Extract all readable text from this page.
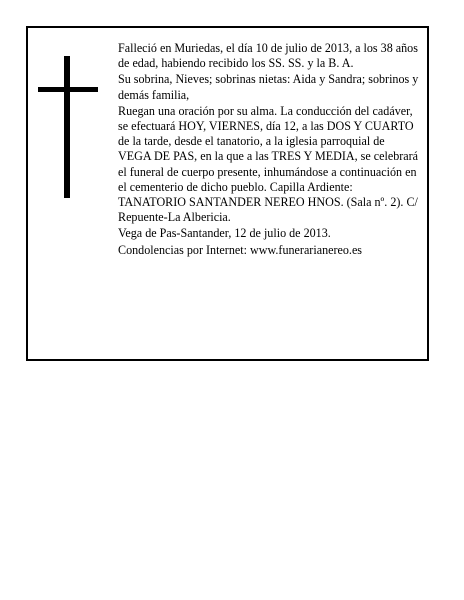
Falleció en Muriedas, el día 10 de julio de 2013, a los 38 años de edad, habiendo recibido los SS. SS. y la B. A.

Su sobrina, Nieves; sobrinas nietas: Aida y Sandra; sobrinos y demás familia,

Ruegan una oración por su alma. La conducción del cadáver, se efectuará HOY, VIERNES, día 12, a las DOS Y CUARTO de la tarde, desde el tanatorio, a la iglesia parroquial de VEGA DE PAS, en la que a las TRES Y MEDIA, se celebrará el funeral de cuerpo presente, inhumándose a continuación en el cementerio de dicho pueblo. Capilla Ardiente: TANATORIO SANTANDER NEREO HNOS. (Sala nº. 2). C/ Repuente-La Albericia.

Vega de Pas-Santander, 12 de julio de 2013.

Condolencias por Internet: www.funerarianereo.es
